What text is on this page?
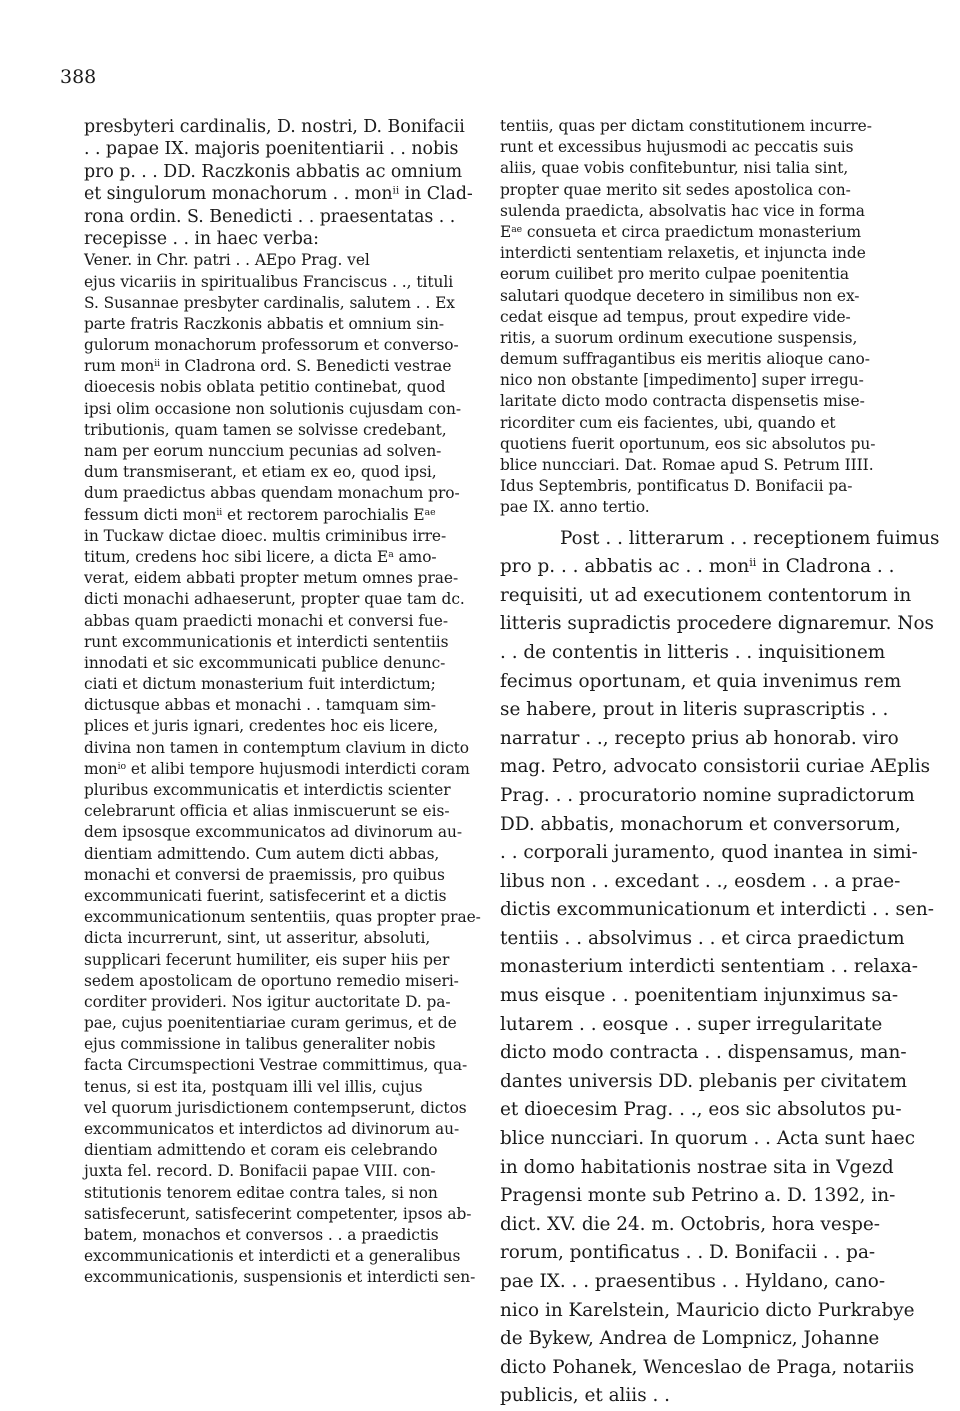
388
presbyteri cardinalis, D. nostri, D. Bonifacii
. . papae IX. majoris poenitentiarii . . nobis
pro p. . . DD. Raczkonis abbatis ac omnium
et singulorum monachorum . . mon$^{ii}$ in Clad-
rona ordin. S. Benedicti . . praesentatas . .
recepisse . . in haec verba:
Vener. in Chr. patri . . AEpo Prag. vel
ejus vicariis in spiritualibus Franciscus . ., tituli
S. Susannae presbyter cardinalis, salutem . . Ex
parte fratris Raczkonis abbatis et omnium sin-
gulorum monachorum professorum et converso-
rum mon$^{ii}$ in Cladrona ord. S. Benedicti vestrae
dioecesis nobis oblata petitio continebat, quod
ipsi olim occasione non solutionis cujusdam con-
tributionis, quam tamen se solvisse credebant,
nam per eorum nunccium pecunias ad solven-
dum transmiserant, et etiam ex eo, quod ipsi,
dum praedictus abbas quendam monachum pro-
fessum dicti mon$^{ii}$ et rectorem parochialis $E^{ae}$
in Tuckaw dictae dioec. multis criminibus irre-
titum, credens hoc sibi licere, a dicta $E^a$ amo-
verat, eidem abbati propter metum omnes prae-
dicti monachi adhaeserunt, propter quae tam dc.
abbas quam praedicti monachi et conversi fue-
runt excommunicationis et interdicti sententiis
innodati et sic excommunicati publice denunc-
ciati et dictum monasterium fuit interdictum;
dictusque abbas et monachi . . tamquam sim-
plices et juris ignari, credentes hoc eis licere,
divina non tamen in contemptum clavium in dicto
mon$^{io}$ et alibi tempore hujusmodi interdicti coram
pluribus excommunicatis et interdictis scienter
celebrarunt officia et alias inmiscuerunt se eis-
dem ipsosque excommunicatos ad divinorum au-
dientiam admittendo. Cum autem dicti abbas,
monachi et conversi de praemissis, pro quibus
excommunicati fuerint, satisfecerint et a dictis
excommunicationum sententiis, quas propter prae-
dicta incurrerunt, sint, ut asseritur, absoluti,
supplicari fecerunt humiliter, eis super hiis per
sedem apostolicam de oportuno remedio miseri-
corditer provideri. Nos igitur auctoritate D. pa-
pae, cujus poenitentiariae curam gerimus, et de
ejus commissione in talibus generaliter nobis
facta Circumspectioni Vestrae committimus, qua-
tenus, si est ita, postquam illi vel illis, cujus
vel quorum jurisdictionem contempserunt, dictos
excommunicatos et interdictos ad divinorum au-
dientiam admittendo et coram eis celebrando
juxta fel. record. D. Bonifacii papae VIII. con-
stitutionis tenorem editae contra tales, si non
satisfecerunt, satisfecerint competenter, ipsos ab-
batem, monachos et conversos . . a praedictis
excommunicationis et interdicti et a generalibus
excommunicationis, suspensionis et interdicti sen-
tentiis, quas per dictam constitutionem incurre-
runt et excessibus hujusmodi ac peccatis suis
aliis, quae vobis confitebuntur, nisi talia sint,
propter quae merito sit sedes apostolica con-
sulenda praedicta, absolvatis hac vice in forma
$E^{ae}$ consueta et circa praedictum monasterium
interdicti sententiam relaxetis, et injuncta inde
eorum cuilibet pro merito culpae poenitentia
salutari quodque decetero in similibus non ex-
cedat eisque ad tempus, prout expedire vide-
ritis, a suorum ordinum executione suspensis,
demum suffragantibus eis meritis alioque cano-
nico non obstante [impedimento] super irregu-
laritate dicto modo contracta dispensetis mise-
ricorditer cum eis facientes, ubi, quando et
quotiens fuerit oportunum, eos sic absolutos pu-
blice nuncciari. Dat. Romae apud S. Petrum IIII.
Idus Septembris, pontificatus D. Bonifacii pa-
pae IX. anno tertio.
Post . . litterarum . . receptionem fuimus
pro p. . . abbatis ac . . mon$^{ii}$ in Cladrona . .
requisiti, ut ad executionem contentorum in
litteris supradictis procedere dignaremur. Nos
. . de contentis in litteris . . inquisitionem
fecimus oportunam, et quia invenimus rem
se habere, prout in literis suprascriptis . .
narratur . ., recepto prius ab honorab. viro
mag. Petro, advocato consistorii curiae AEplis
Prag. . . procuratorio nomine supradictorum
DD. abbatis, monachorum et conversorum,
. . corporali juramento, quod inantea in simi-
libus non . . excedant . ., eosdem . . a prae-
dictis excommunicationum et interdicti . . sen-
tentiis . . absolvimus . . et circa praedictum
monasterium interdicti sententiam . . relaxa-
mus eisque . . poenitentiam injunximus sa-
lutarem . . eosque . . super irregularitate
dicto modo contracta . . dispensamus, man-
dantes universis DD. plebanis per civitatem
et dioecesim Prag. . ., eos sic absolutos pu-
blice nuncciari. In quorum . . Acta sunt haec
in domo habitationis nostrae sita in Vgezd
Pragensi monte sub Petrino a. D. 1392, in-
dict. XV. die 24. m. Octobris, hora vespe-
rorum, pontificatus . . D. Bonifacii . . pa-
pae IX. . . praesentibus . . Hyldano, cano-
nico in Karelstein, Mauricio dicto Purkrabye
de Bykew, Andrea de Lompnicz, Johanne
dicto Pohanek, Wenceslao de Praga, notariis
publicis, et aliis . .
